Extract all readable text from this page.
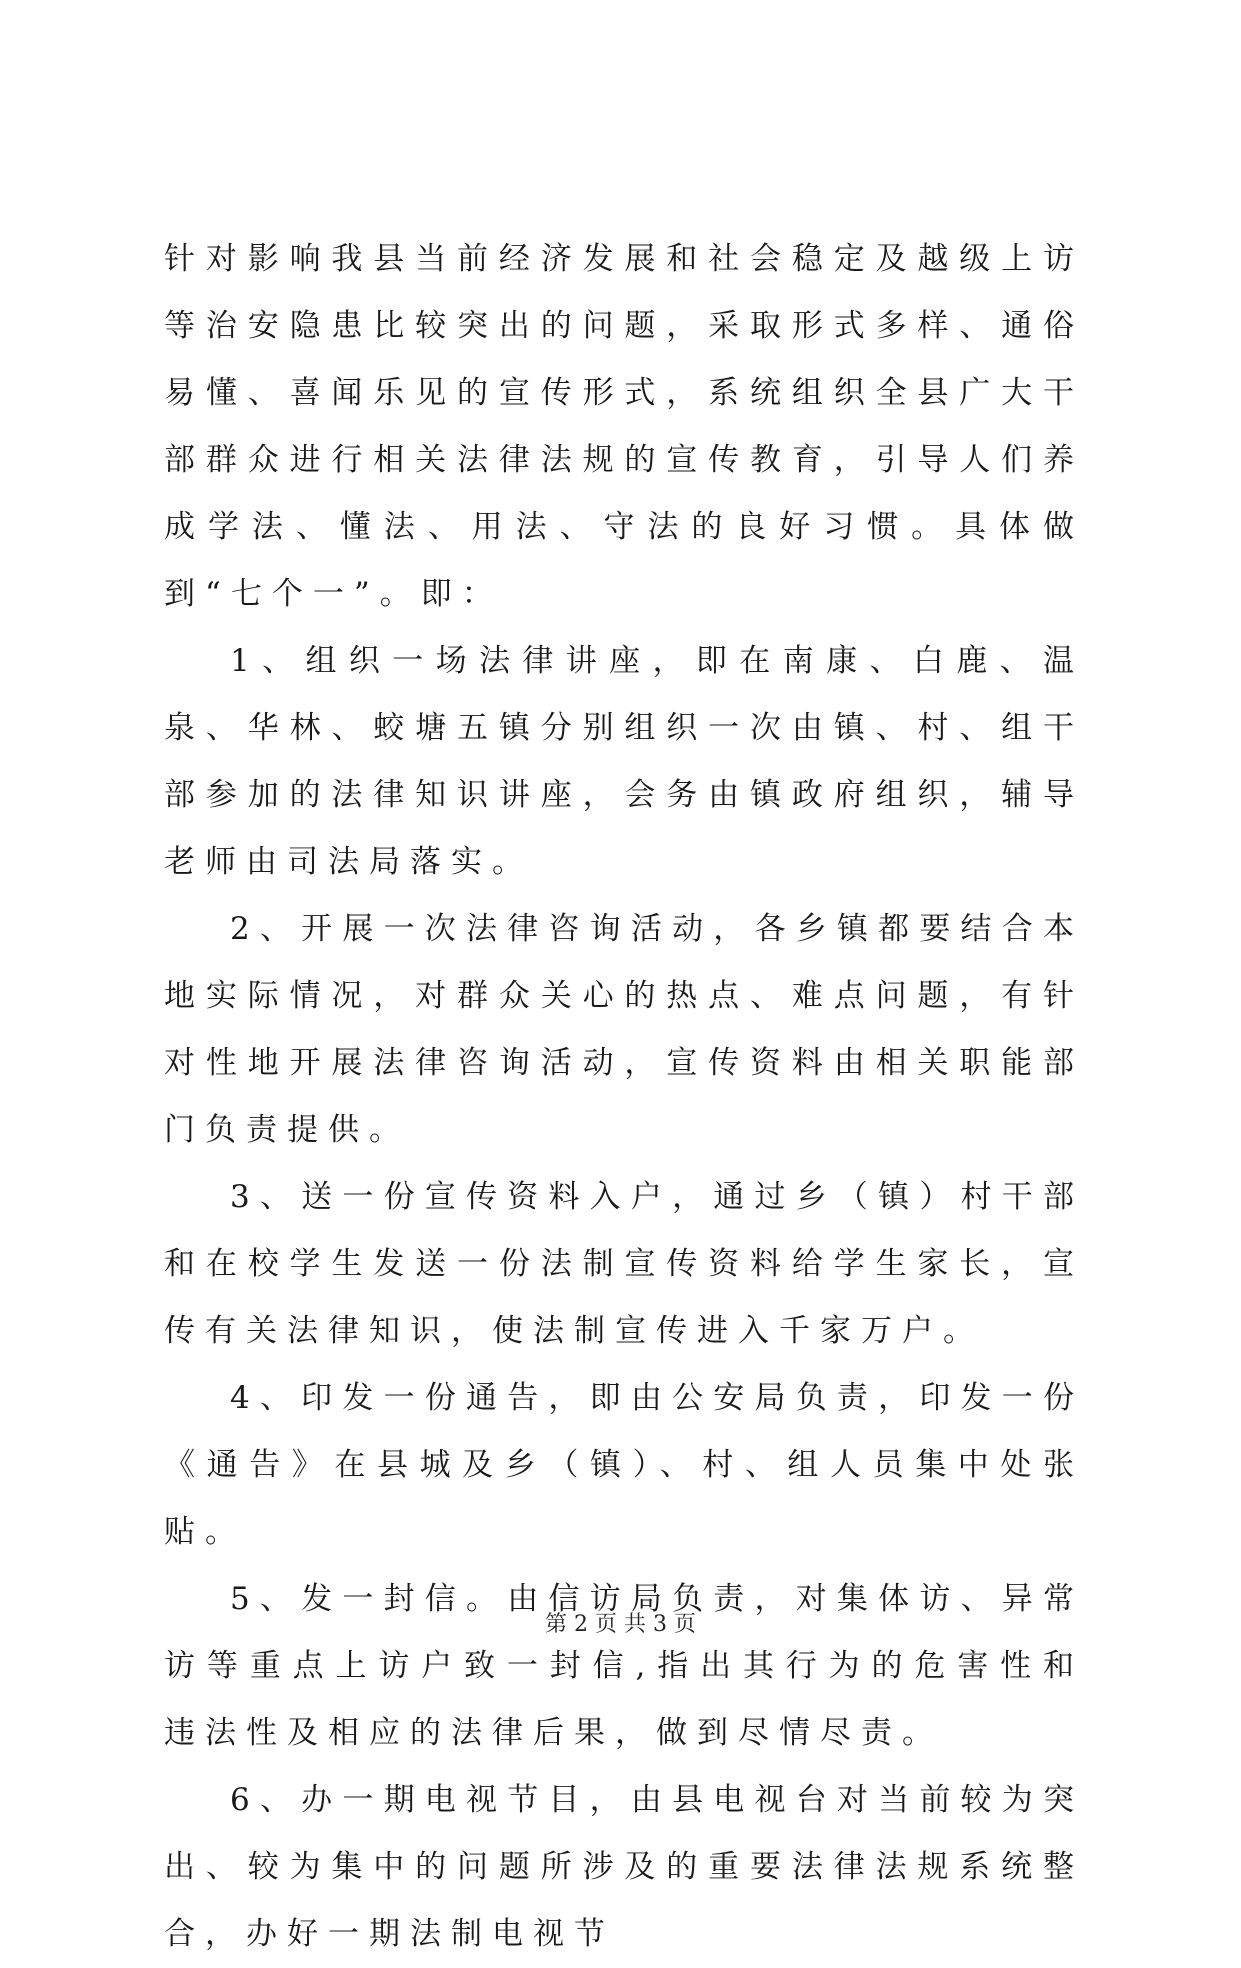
针对影响我县当前经济发展和社会稳定及越级上访等治安隐患比较突出的问题，采取形式多样、通俗易懂、喜闻乐见的宣传形式，系统组织全县广大干部群众进行相关法律法规的宣传教育，引导人们养成学法、懂法、用法、守法的良好习惯。具体做到“七个一”。即：

1、组织一场法律讲座，即在南康、白鹿、温泉、华林、蛟塘五镇分别组织一次由镇、村、组干部参加的法律知识讲座，会务由镇政府组织，辅导老师由司法局落实。

2、开展一次法律咨询活动，各乡镇都要结合本地实际情况，对群众关心的热点、难点问题，有针对性地开展法律咨询活动，宣传资料由相关职能部门负责提供。

3、送一份宣传资料入户，通过乡（镇）村干部和在校学生发送一份法制宣传资料给学生家长，宣传有关法律知识，使法制宣传进入千家万户。

4、印发一份通告，即由公安局负责，印发一份《通告》在县城及乡（镇）、村、组人员集中处张贴。

5、发一封信。由信访局负责，对集体访、异常访等重点上访户致一封信,指出其行为的危害性和违法性及相应的法律后果，做到尽情尽责。

6、办一期电视节目，由县电视台对当前较为突出、较为集中的问题所涉及的重要法律法规系统整合，办好一期法制电视节

第 2 页 共 3 页
